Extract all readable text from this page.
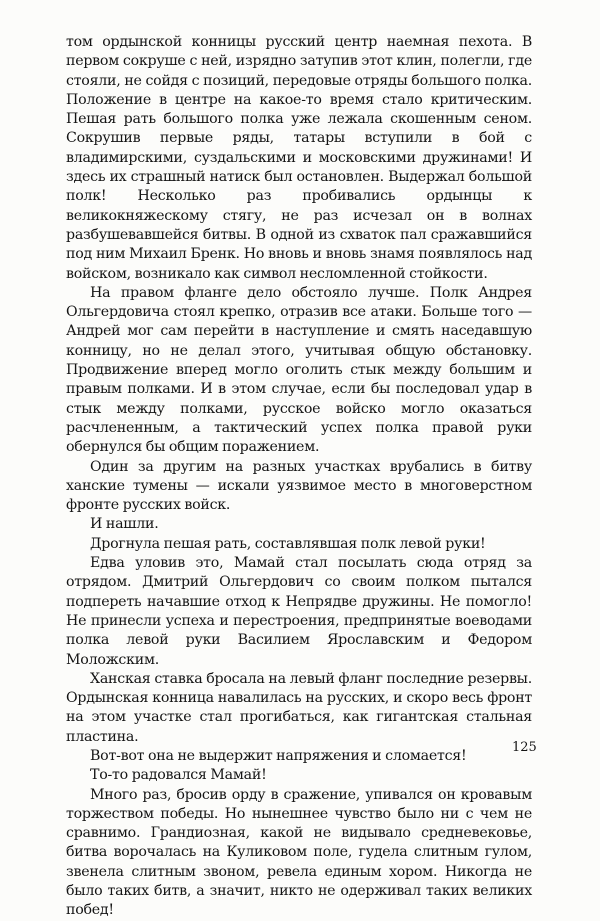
том ордынской конницы русский центр наемная пехота. В первом сокруше с ней, изрядно затупив этот клин, полегли, где стояли, не сойдя с позиций, передовые отряды большого полка. Положение в центре на какое-то время стало критическим. Пешая рать большого полка уже лежала скошенным сеном. Сокрушив первые ряды, татары вступили в бой с владимирскими, суздальскими и московскими дружинами! И здесь их страшный натиск был остановлен. Выдержал большой полк! Несколько раз пробивались ордынцы к великокняжескому стягу, не раз исчезал он в волнах разбушевавшейся битвы. В одной из схваток пал сражавшийся под ним Михаил Бренк. Но вновь и вновь знамя появлялось над войском, возникало как символ несломленной стойкости.

На правом фланге дело обстояло лучше. Полк Андрея Ольгердовича стоял крепко, отразив все атаки. Больше того — Андрей мог сам перейти в наступление и смять наседавшую конницу, но не делал этого, учитывая общую обстановку. Продвижение вперед могло оголить стык между большим и правым полками. И в этом случае, если бы последовал удар в стык между полками, русское войско могло оказаться расчлененным, а тактический успех полка правой руки обернулся бы общим поражением.

Один за другим на разных участках врубались в битву ханские тумены — искали уязвимое место в многоверстном фронте русских войск.

И нашли.

Дрогнула пешая рать, составлявшая полк левой руки!

Едва уловив это, Мамай стал посылать сюда отряд за отрядом. Дмитрий Ольгердович со своим полком пытался подпереть начавшие отход к Непрядве дружины. Не помогло! Не принесли успеха и перестроения, предпринятые воеводами полка левой руки Василием Ярославским и Федором Моложским.

Ханская ставка бросала на левый фланг последние резервы. Ордынская конница навалилась на русских, и скоро весь фронт на этом участке стал прогибаться, как гигантская стальная пластина.

Вот-вот она не выдержит напряжения и сломается!

То-то радовался Мамай!

Много раз, бросив орду в сражение, упивался он кровавым торжеством победы. Но нынешнее чувство было ни с чем не сравнимо. Грандиозная, какой не видывало средневековье, битва ворочалась на Куликовом поле, гудела слитным гулом, звенела слитным звоном, ревела единым хором. Никогда не было таких битв, а значит, никто не одерживал таких великих побед!

125
